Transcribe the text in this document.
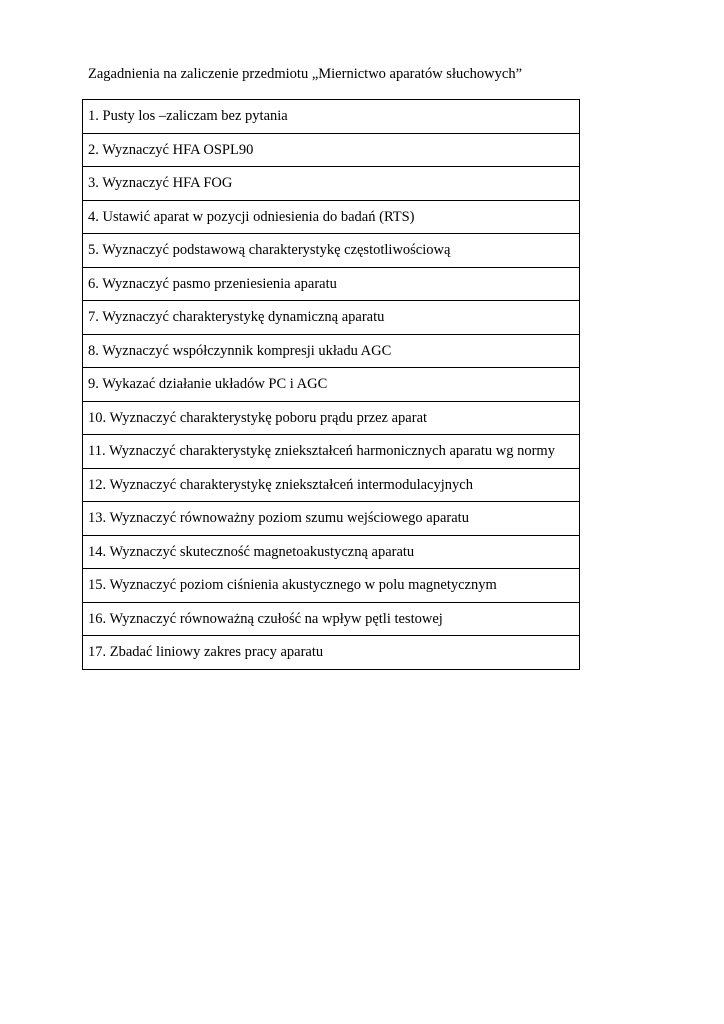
Zagadnienia na zaliczenie przedmiotu „Miernictwo aparatów słuchowych”
1. Pusty los –zaliczam bez pytania
2. Wyznaczyć HFA OSPL90
3. Wyznaczyć HFA FOG
4. Ustawić aparat w pozycji odniesienia do badań (RTS)
5. Wyznaczyć podstawową charakterystykę częstotliwościową
6. Wyznaczyć pasmo przeniesienia aparatu
7. Wyznaczyć charakterystykę dynamiczną aparatu
8. Wyznaczyć współczynnik kompresji układu AGC
9. Wykazać działanie układów PC i AGC
10. Wyznaczyć charakterystykę poboru prądu przez aparat
11. Wyznaczyć charakterystykę zniekształceń harmonicznych aparatu wg normy
12. Wyznaczyć charakterystykę zniekształceń intermodulacyjnych
13. Wyznaczyć równoważny poziom szumu wejściowego aparatu
14. Wyznaczyć skuteczność magnetoakustyczną aparatu
15. Wyznaczyć poziom ciśnienia akustycznego w polu magnetycznym
16. Wyznaczyć równoważną czułość na wpływ pętli testowej
17. Zbadać liniowy zakres pracy aparatu
